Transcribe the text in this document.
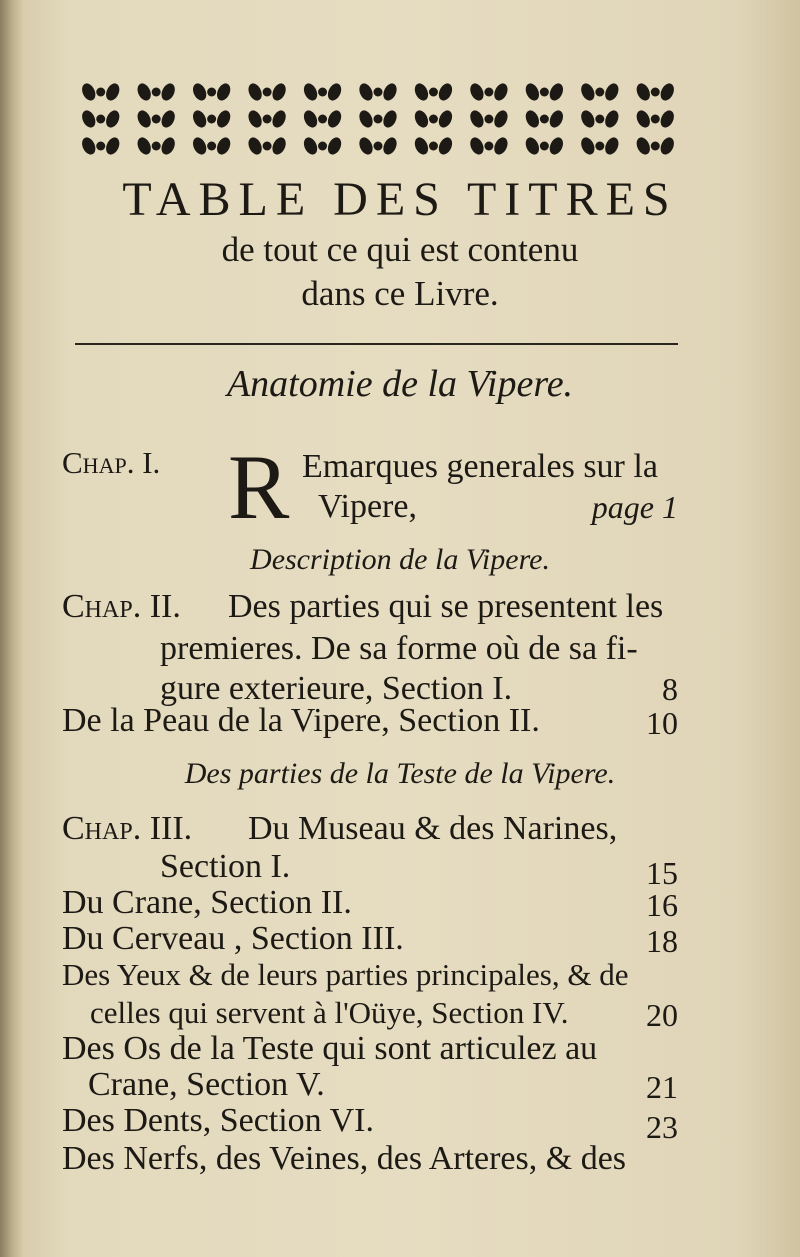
TABLE DES TITRES
de tout ce qui est contenu
dans ce Livre.
Anatomie de la Vipere.
Chap. I. R Emarques generales sur la
Vipere,	page 1
Description de la Vipere.
Chap. II. Des parties qui se presentent les
premieres. De sa forme où de sa fi-
gure exterieure, Section I.	8
De la Peau de la Vipere, Section II.	10
Des parties de la Teste de la Vipere.
Chap. III. Du Museau & des Narines,
Section I.	15
Du Crane, Section II.	16
Du Cerveau , Section III.	18
Des Yeux & de leurs parties principales, & de
celles qui servent à l'Oüye, Section IV. 20
Des Os de la Teste qui sont articulez au
Crane, Section V.	21
Des Dents, Section VI.	23
Des Nerfs, des Veines, des Arteres, & des
